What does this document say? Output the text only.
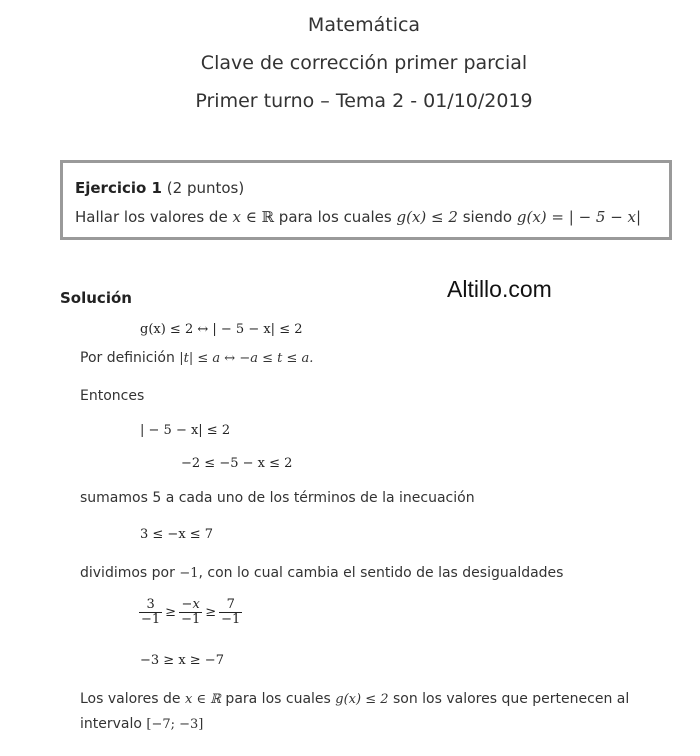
Matemática
Clave de corrección primer parcial
Primer turno – Tema 2 - 01/10/2019
Ejercicio 1 (2 puntos)
Hallar los valores de x ∈ ℝ para los cuales g(x) ≤ 2 siendo g(x) = | − 5 − x|
Solución	Altillo.com
g(x) ≤ 2 ↔ | − 5 − x| ≤ 2
Por definición |t| ≤ a ↔ −a ≤ t ≤ a.
Entonces
| − 5 − x| ≤ 2
−2 ≤ −5 − x ≤ 2
sumamos 5 a cada uno de los términos de la inecuación
3 ≤ −x ≤ 7
dividimos por −1, con lo cual cambia el sentido de las desigualdades
$\frac{3}{-1} \ge \frac{-x}{-1} \ge \frac{7}{-1}$
−3 ≥ x ≥ −7
Los valores de x ∈ ℝ para los cuales g(x) ≤ 2 son los valores que pertenecen al
intervalo [−7; −3]
